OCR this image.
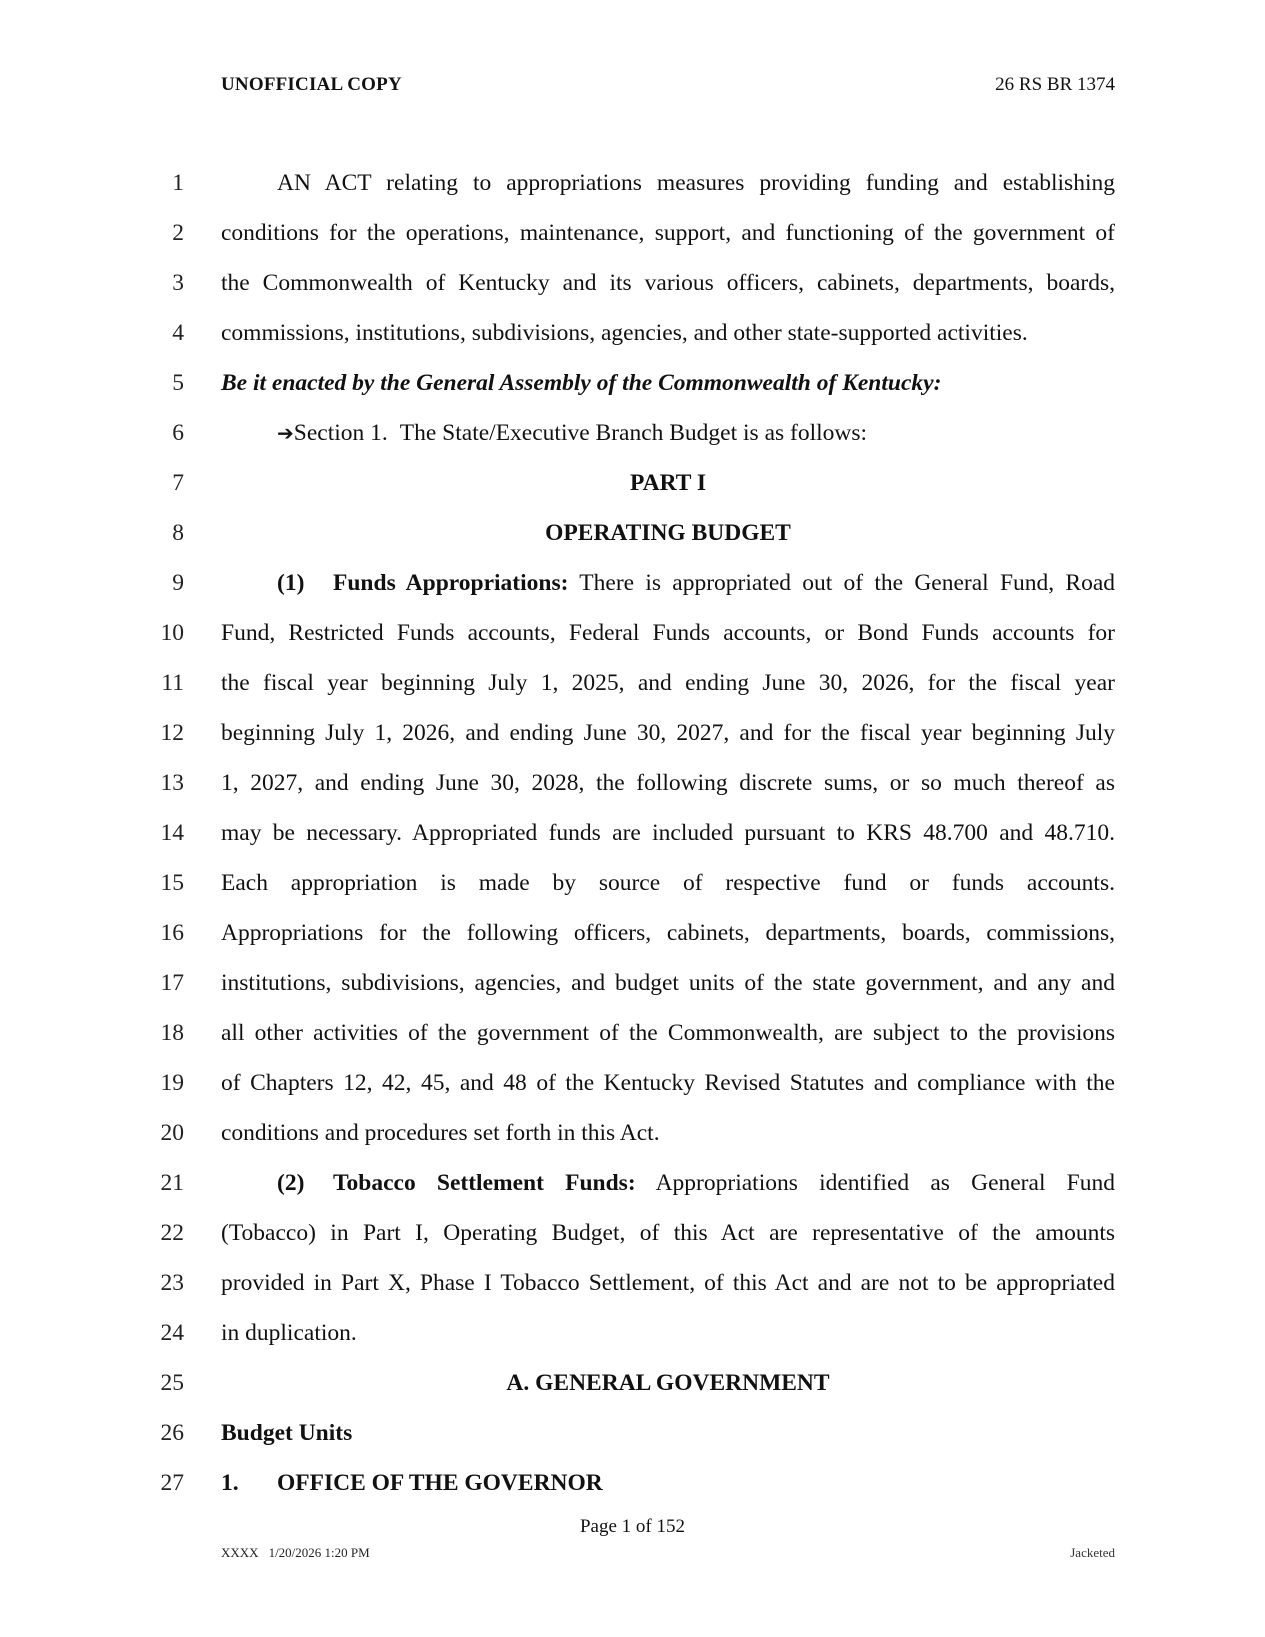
UNOFFICIAL COPY	26 RS BR 1374
1	AN ACT relating to appropriations measures providing funding and establishing
2 conditions for the operations, maintenance, support, and functioning of the government of
3 the Commonwealth of Kentucky and its various officers, cabinets, departments, boards,
4 commissions, institutions, subdivisions, agencies, and other state-supported activities.
5 Be it enacted by the General Assembly of the Commonwealth of Kentucky:
6	➔Section 1. The State/Executive Branch Budget is as follows:
7	PART I
8	OPERATING BUDGET
9	(1) Funds Appropriations: There is appropriated out of the General Fund, Road
10 Fund, Restricted Funds accounts, Federal Funds accounts, or Bond Funds accounts for
11 the fiscal year beginning July 1, 2025, and ending June 30, 2026, for the fiscal year
12 beginning July 1, 2026, and ending June 30, 2027, and for the fiscal year beginning July
13 1, 2027, and ending June 30, 2028, the following discrete sums, or so much thereof as
14 may be necessary. Appropriated funds are included pursuant to KRS 48.700 and 48.710.
15 Each appropriation is made by source of respective fund or funds accounts.
16 Appropriations for the following officers, cabinets, departments, boards, commissions,
17 institutions, subdivisions, agencies, and budget units of the state government, and any and
18 all other activities of the government of the Commonwealth, are subject to the provisions
19 of Chapters 12, 42, 45, and 48 of the Kentucky Revised Statutes and compliance with the
20 conditions and procedures set forth in this Act.
21	(2) Tobacco Settlement Funds: Appropriations identified as General Fund
22 (Tobacco) in Part I, Operating Budget, of this Act are representative of the amounts
23 provided in Part X, Phase I Tobacco Settlement, of this Act and are not to be appropriated
24 in duplication.
25	A. GENERAL GOVERNMENT
26 Budget Units
27 1. OFFICE OF THE GOVERNOR
Page 1 of 152
XXXX 1/20/2026 1:20 PM	Jacketed
